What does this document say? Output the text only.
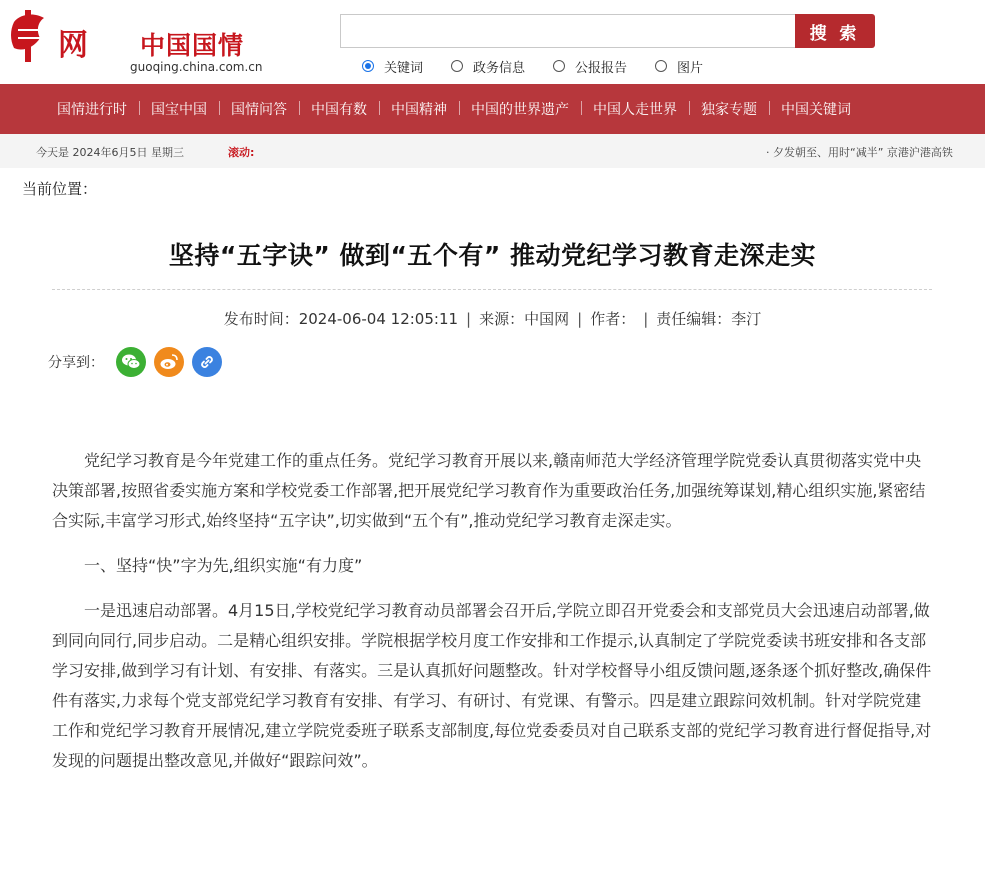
网 中国国情
guoqing.china.com.cn
搜 索
关键词	政务信息	公报报告	图片
国情进行时	国宝中国	国情问答	中国有数	中国精神	中国的世界遗产	中国人走世界	独家专题	中国关键词
今天是 2024年6月5日 星期三	滚动:	· 夕发朝至、用时“减半” 京港沪港高铁
当前位置：
坚持“五字诀” 做到“五个有” 推动党纪学习教育走深走实
发布时间：2024-06-04 12:05:11 | 来源：中国网 | 作者： | 责任编辑：李汀
分享到：

党纪学习教育是今年党建工作的重点任务。党纪学习教育开展以来,赣南师范大学经济管理学院党委认真贯彻落实党中央决策部署,按照省委实施方案和学校党委工作部署,把开展党纪学习教育作为重要政治任务,加强统筹谋划,精心组织实施,紧密结合实际,丰富学习形式,始终坚持“五字诀”,切实做到“五个有”,推动党纪学习教育走深走实。

一、坚持“快”字为先,组织实施“有力度”

一是迅速启动部署。4月15日,学校党纪学习教育动员部署会召开后,学院立即召开党委会和支部党员大会迅速启动部署,做到同向同行,同步启动。二是精心组织安排。学院根据学校月度工作安排和工作提示,认真制定了学院党委读书班安排和各支部学习安排,做到学习有计划、有安排、有落实。三是认真抓好问题整改。针对学校督导小组反馈问题,逐条逐个抓好整改,确保件件有落实,力求每个党支部党纪学习教育有安排、有学习、有研讨、有党课、有警示。四是建立跟踪问效机制。针对学院党建工作和党纪学习教育开展情况,建立学院党委班子联系支部制度,每位党委委员对自己联系支部的党纪学习教育进行督促指导,对发现的问题提出整改意见,并做好“跟踪问效”。
